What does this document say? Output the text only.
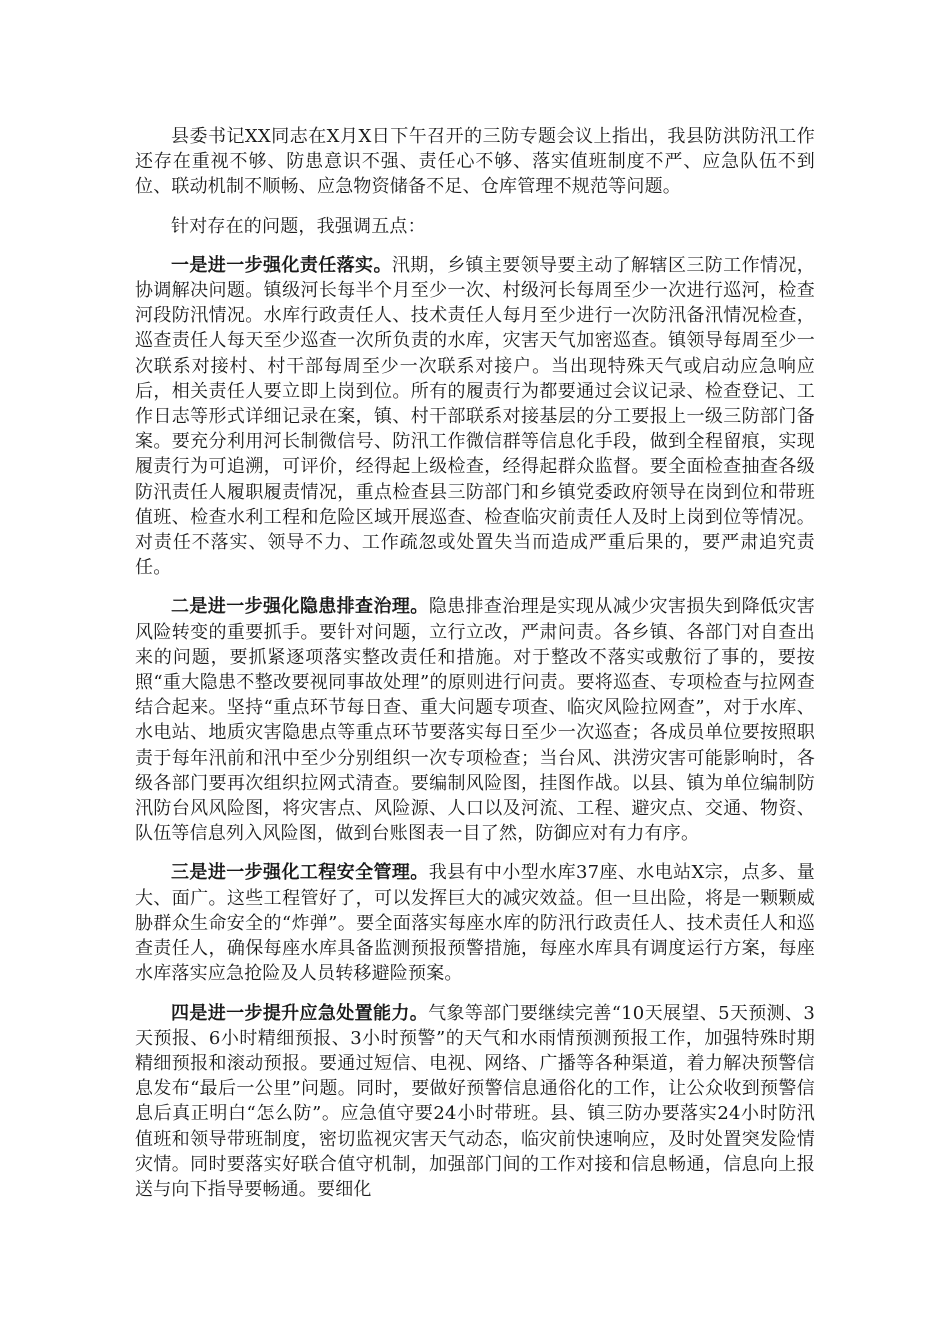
县委书记XX同志在X月X日下午召开的三防专题会议上指出，我县防洪防汛工作还存在重视不够、防患意识不强、责任心不够、落实值班制度不严、应急队伍不到位、联动机制不顺畅、应急物资储备不足、仓库管理不规范等问题。

针对存在的问题，我强调五点：

一是进一步强化责任落实。汛期，乡镇主要领导要主动了解辖区三防工作情况，协调解决问题。镇级河长每半个月至少一次、村级河长每周至少一次进行巡河，检查河段防汛情况。水库行政责任人、技术责任人每月至少进行一次防汛备汛情况检查，巡查责任人每天至少巡查一次所负责的水库，灾害天气加密巡查。镇领导每周至少一次联系对接村、村干部每周至少一次联系对接户。当出现特殊天气或启动应急响应后，相关责任人要立即上岗到位。所有的履责行为都要通过会议记录、检查登记、工作日志等形式详细记录在案，镇、村干部联系对接基层的分工要报上一级三防部门备案。要充分利用河长制微信号、防汛工作微信群等信息化手段，做到全程留痕，实现履责行为可追溯，可评价，经得起上级检查，经得起群众监督。要全面检查抽查各级防汛责任人履职履责情况，重点检查县三防部门和乡镇党委政府领导在岗到位和带班值班、检查水利工程和危险区域开展巡查、检查临灾前责任人及时上岗到位等情况。对责任不落实、领导不力、工作疏忽或处置失当而造成严重后果的，要严肃追究责任。

二是进一步强化隐患排查治理。隐患排查治理是实现从减少灾害损失到降低灾害风险转变的重要抓手。要针对问题，立行立改，严肃问责。各乡镇、各部门对自查出来的问题，要抓紧逐项落实整改责任和措施。对于整改不落实或敷衍了事的，要按照“重大隐患不整改要视同事故处理”的原则进行问责。要将巡查、专项检查与拉网查结合起来。坚持“重点环节每日查、重大问题专项查、临灾风险拉网查”，对于水库、水电站、地质灾害隐患点等重点环节要落实每日至少一次巡查；各成员单位要按照职责于每年汛前和汛中至少分别组织一次专项检查；当台风、洪涝灾害可能影响时，各级各部门要再次组织拉网式清查。要编制风险图，挂图作战。以县、镇为单位编制防汛防台风风险图，将灾害点、风险源、人口以及河流、工程、避灾点、交通、物资、队伍等信息列入风险图，做到台账图表一目了然，防御应对有力有序。

三是进一步强化工程安全管理。我县有中小型水库37座、水电站X宗，点多、量大、面广。这些工程管好了，可以发挥巨大的减灾效益。但一旦出险，将是一颗颗威胁群众生命安全的“炸弹”。要全面落实每座水库的防汛行政责任人、技术责任人和巡查责任人，确保每座水库具备监测预报预警措施，每座水库具有调度运行方案，每座水库落实应急抢险及人员转移避险预案。

四是进一步提升应急处置能力。气象等部门要继续完善“10天展望、5天预测、3天预报、6小时精细预报、3小时预警”的天气和水雨情预测预报工作，加强特殊时期精细预报和滚动预报。要通过短信、电视、网络、广播等各种渠道，着力解决预警信息发布“最后一公里”问题。同时，要做好预警信息通俗化的工作，让公众收到预警信息后真正明白“怎么防”。应急值守要24小时带班。县、镇三防办要落实24小时防汛值班和领导带班制度，密切监视灾害天气动态，临灾前快速响应，及时处置突发险情灾情。同时要落实好联合值守机制，加强部门间的工作对接和信息畅通，信息向上报送与向下指导要畅通。要细化
